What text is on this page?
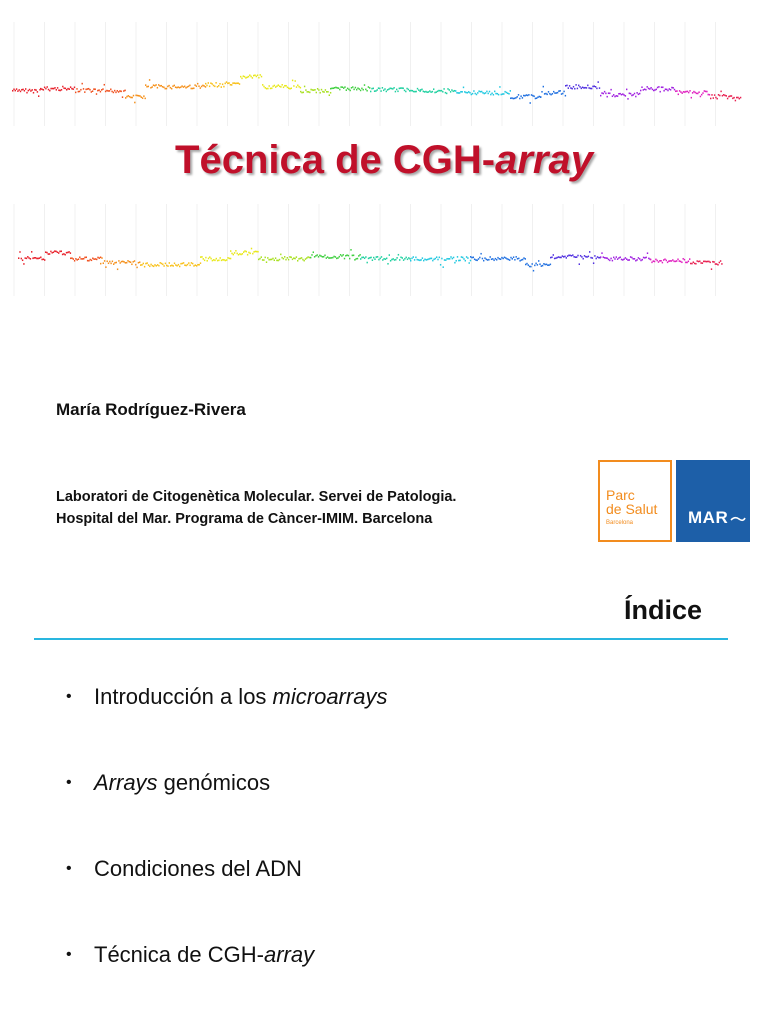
Técnica de CGH-array
María Rodríguez-Rivera
Laboratori de Citogenètica Molecular. Servei de Patologia.
Hospital del Mar. Programa de Càncer-IMIM. Barcelona
Parc
de Salut
Barcelona	MAR
Índice
• Introducción a los microarrays
• Arrays genómicos
• Condiciones del ADN
• Técnica de CGH-array
